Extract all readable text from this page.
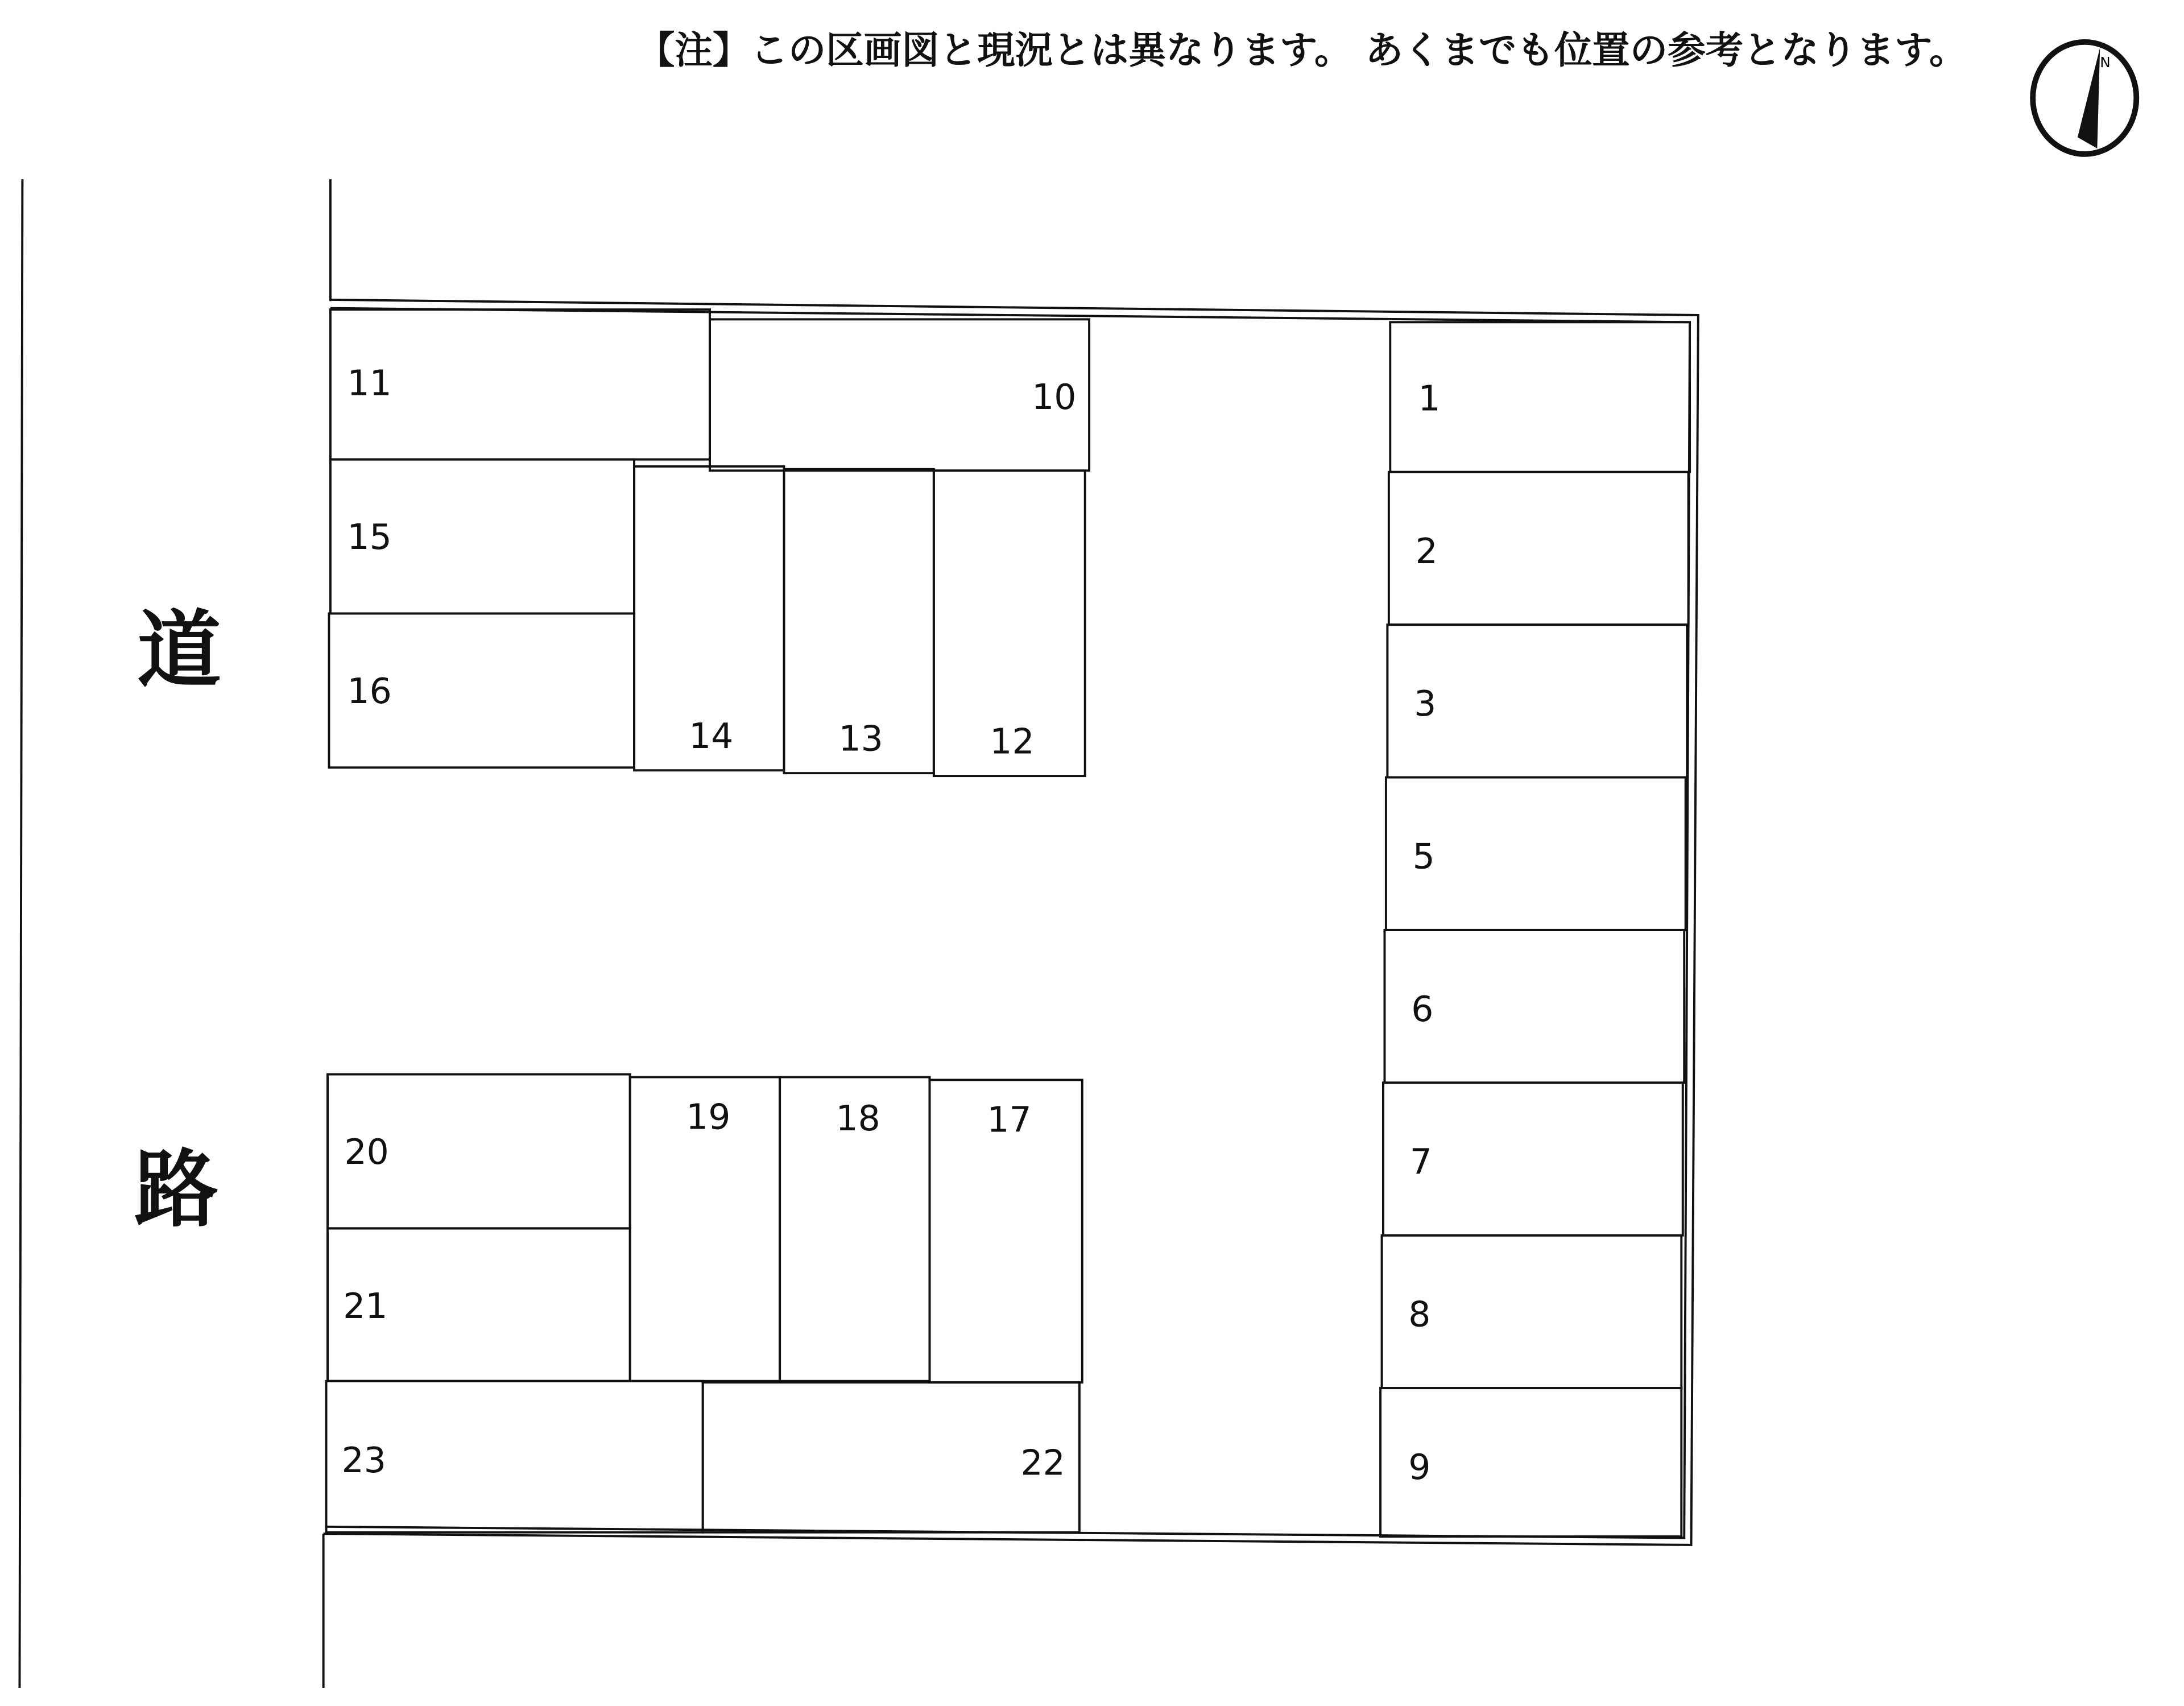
【注】この区画図と現況とは異なります。 あくまでも位置の参考となります。	N
道
路
1
2
3
5
6
7
8
9
10
11
12
13
14
15
16
17
18
19
20
21
22
23
